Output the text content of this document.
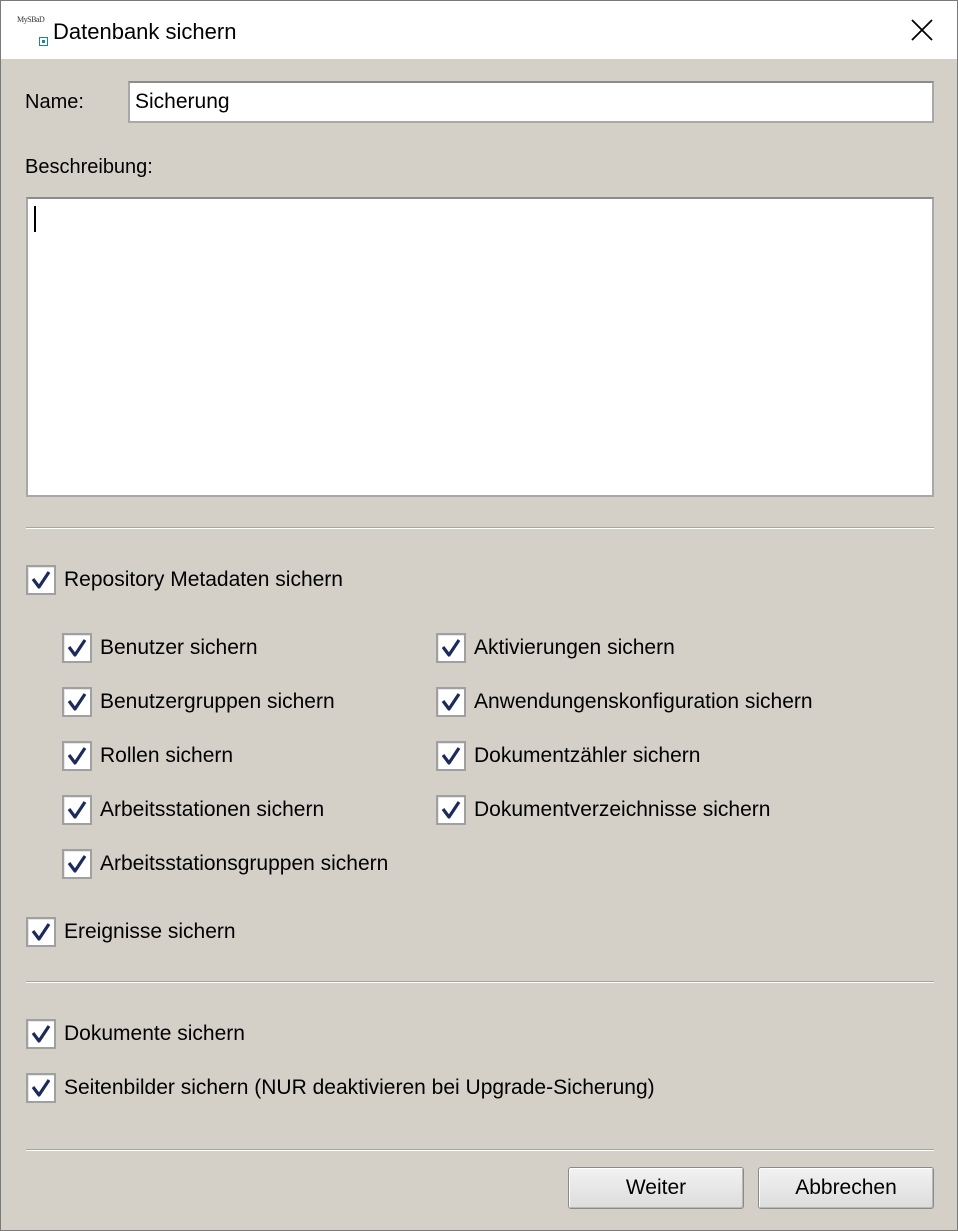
MySBaD Datenbank sichern
Name:
Sicherung
Beschreibung:
Repository Metadaten sichern
Benutzer sichern
Benutzergruppen sichern
Rollen sichern
Arbeitsstationen sichern
Arbeitsstationsgruppen sichern
Aktivierungen sichern
Anwendungenskonfiguration sichern
Dokumentzähler sichern
Dokumentverzeichnisse sichern
Ereignisse sichern
Dokumente sichern
Seitenbilder sichern (NUR deaktivieren bei Upgrade-Sicherung)
Weiter	Abbrechen
